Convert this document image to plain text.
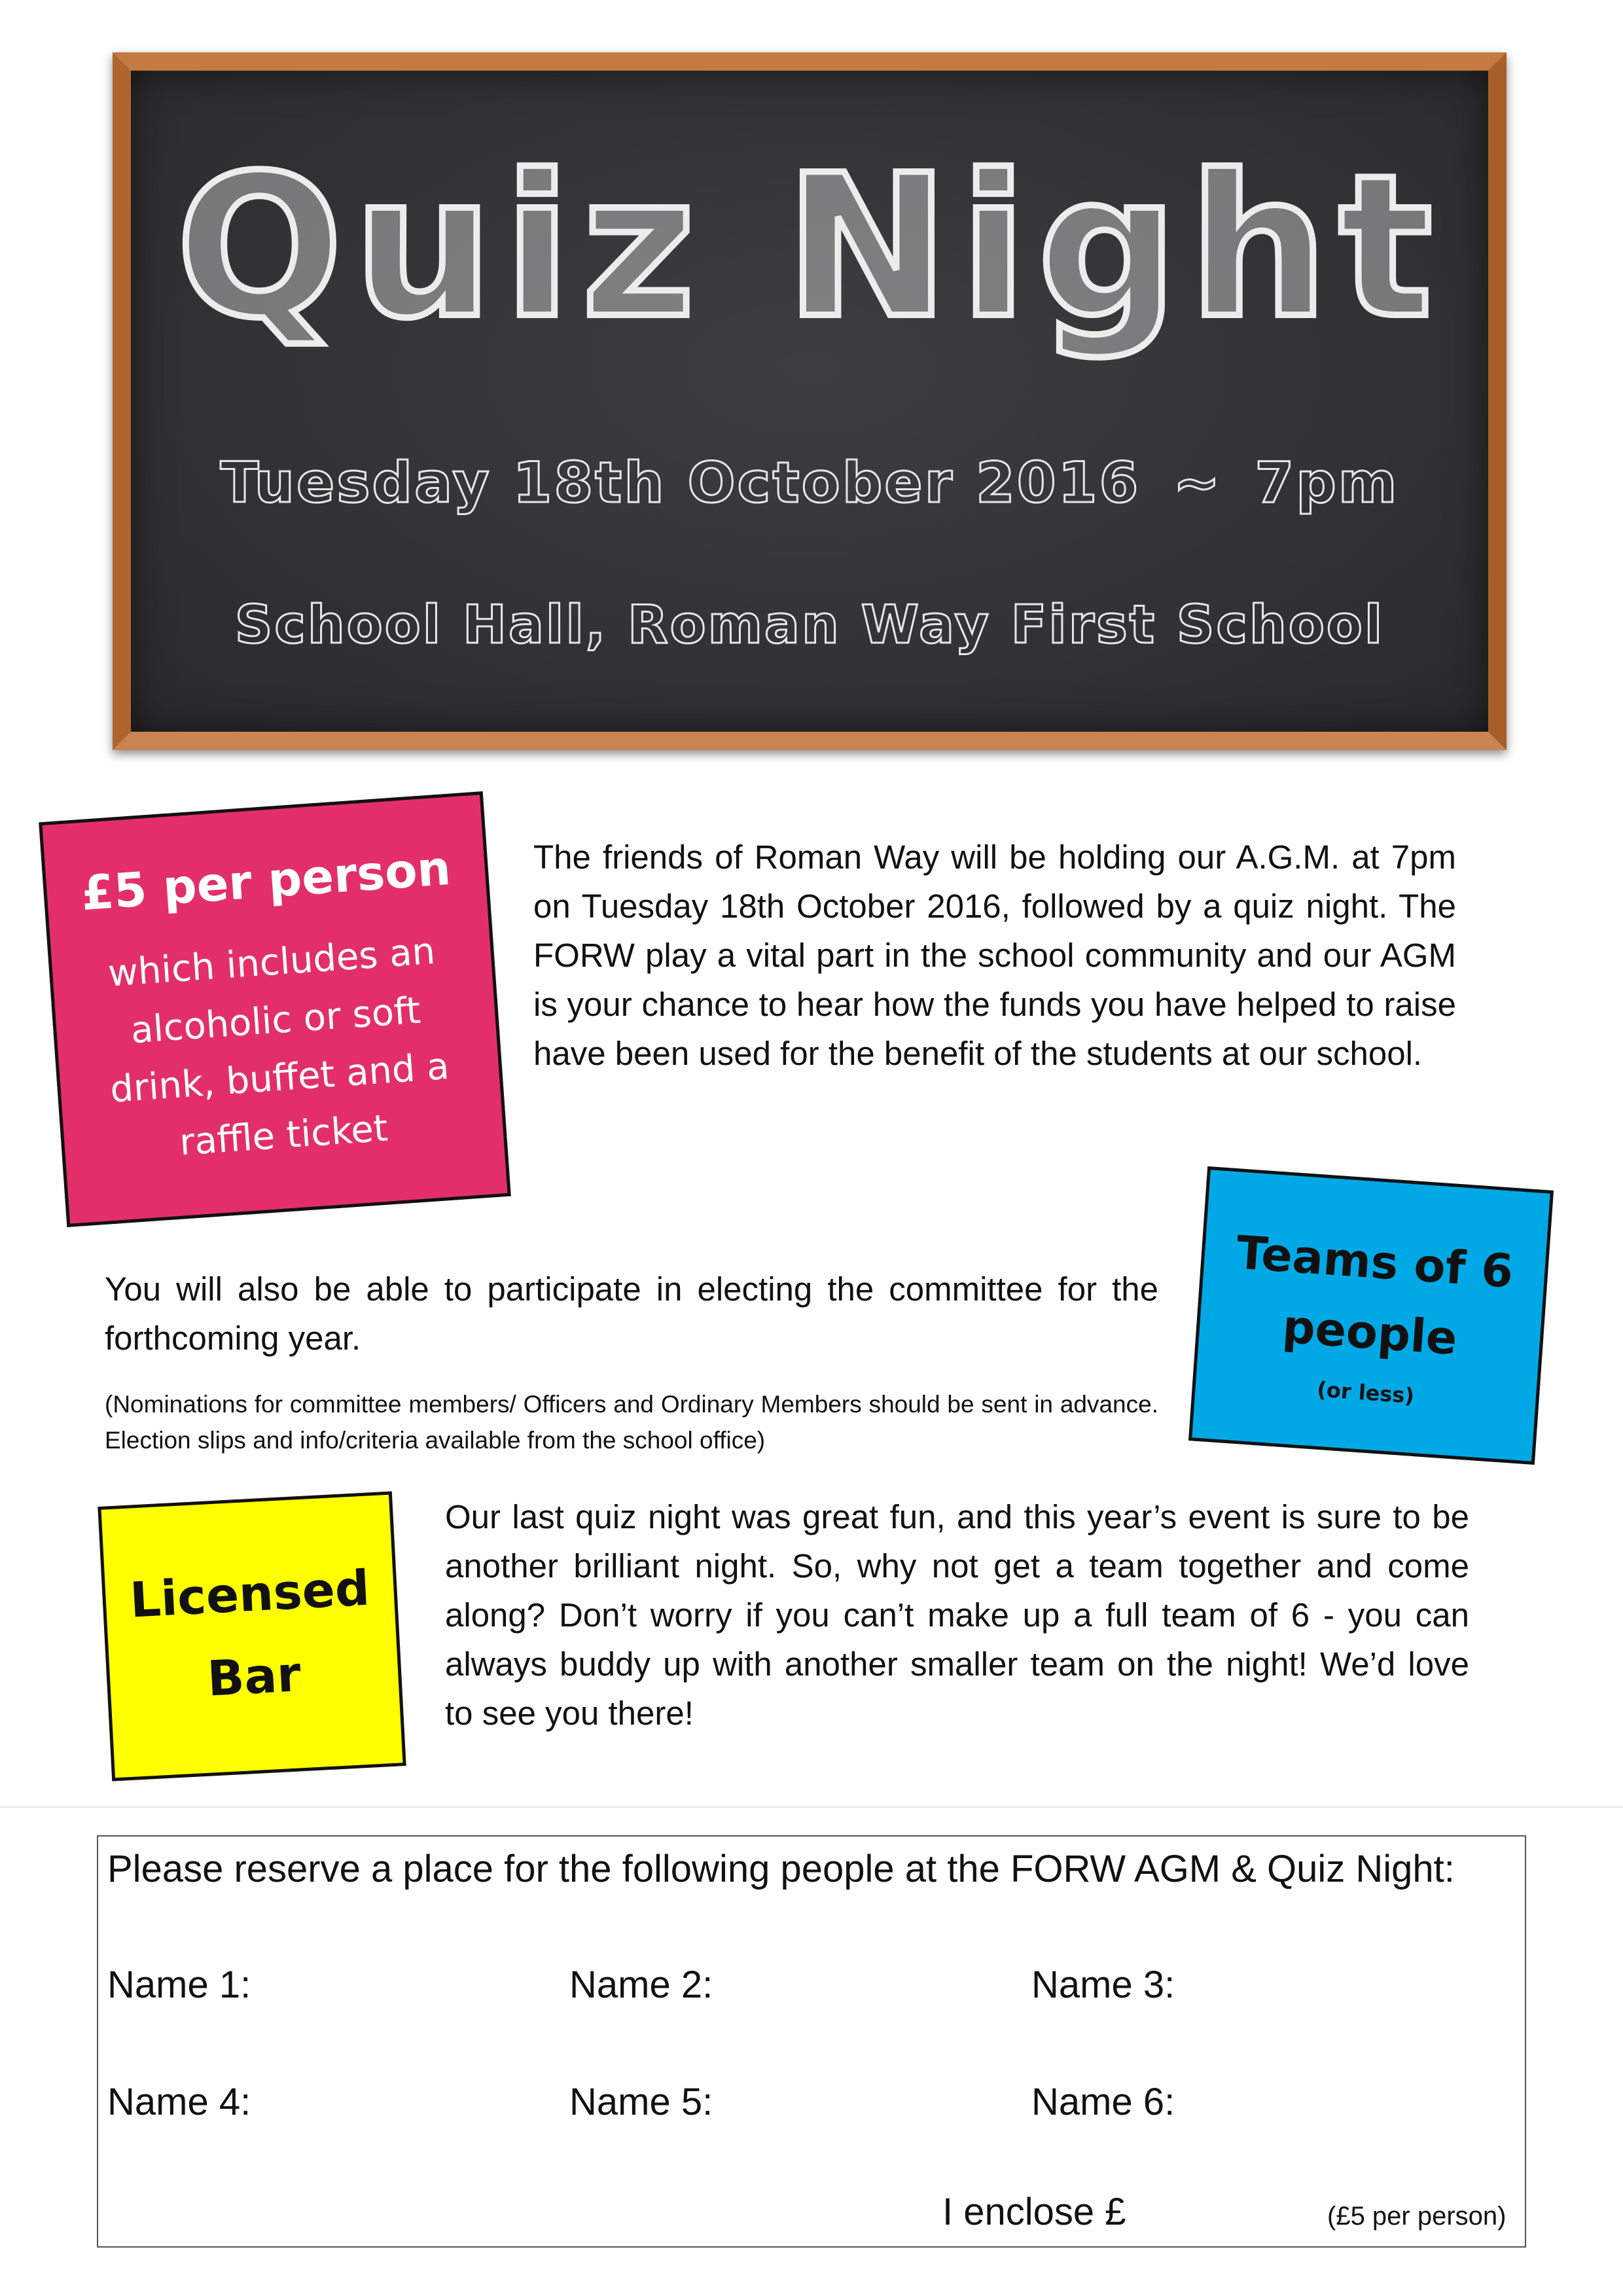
Quiz Night
Tuesday 18th October 2016 ~ 7pm
School Hall, Roman Way First School
£5 per person
which includes an alcoholic or soft drink, buffet and a raffle ticket
The friends of Roman Way will be holding our A.G.M. at 7pm on Tuesday 18th October 2016, followed by a quiz night. The FORW play a vital part in the school community and our AGM is your chance to hear how the funds you have helped to raise have been used for the benefit of the students at our school.
Teams of 6
people
(or less)
You will also be able to participate in electing the committee for the forthcoming year.
(Nominations for committee members/ Officers and Ordinary Members should be sent in advance. Election slips and info/criteria available from the school office)
Licensed Bar
Our last quiz night was great fun, and this year’s event is sure to be another brilliant night. So, why not get a team together and come along? Don’t worry if you can’t make up a full team of 6 - you can always buddy up with another smaller team on the night! We’d love to see you there!
Please reserve a place for the following people at the FORW AGM & Quiz Night:
Name 1:	Name 2:	Name 3:
Name 4:	Name 5:	Name 6:
I enclose £	(£5 per person)
